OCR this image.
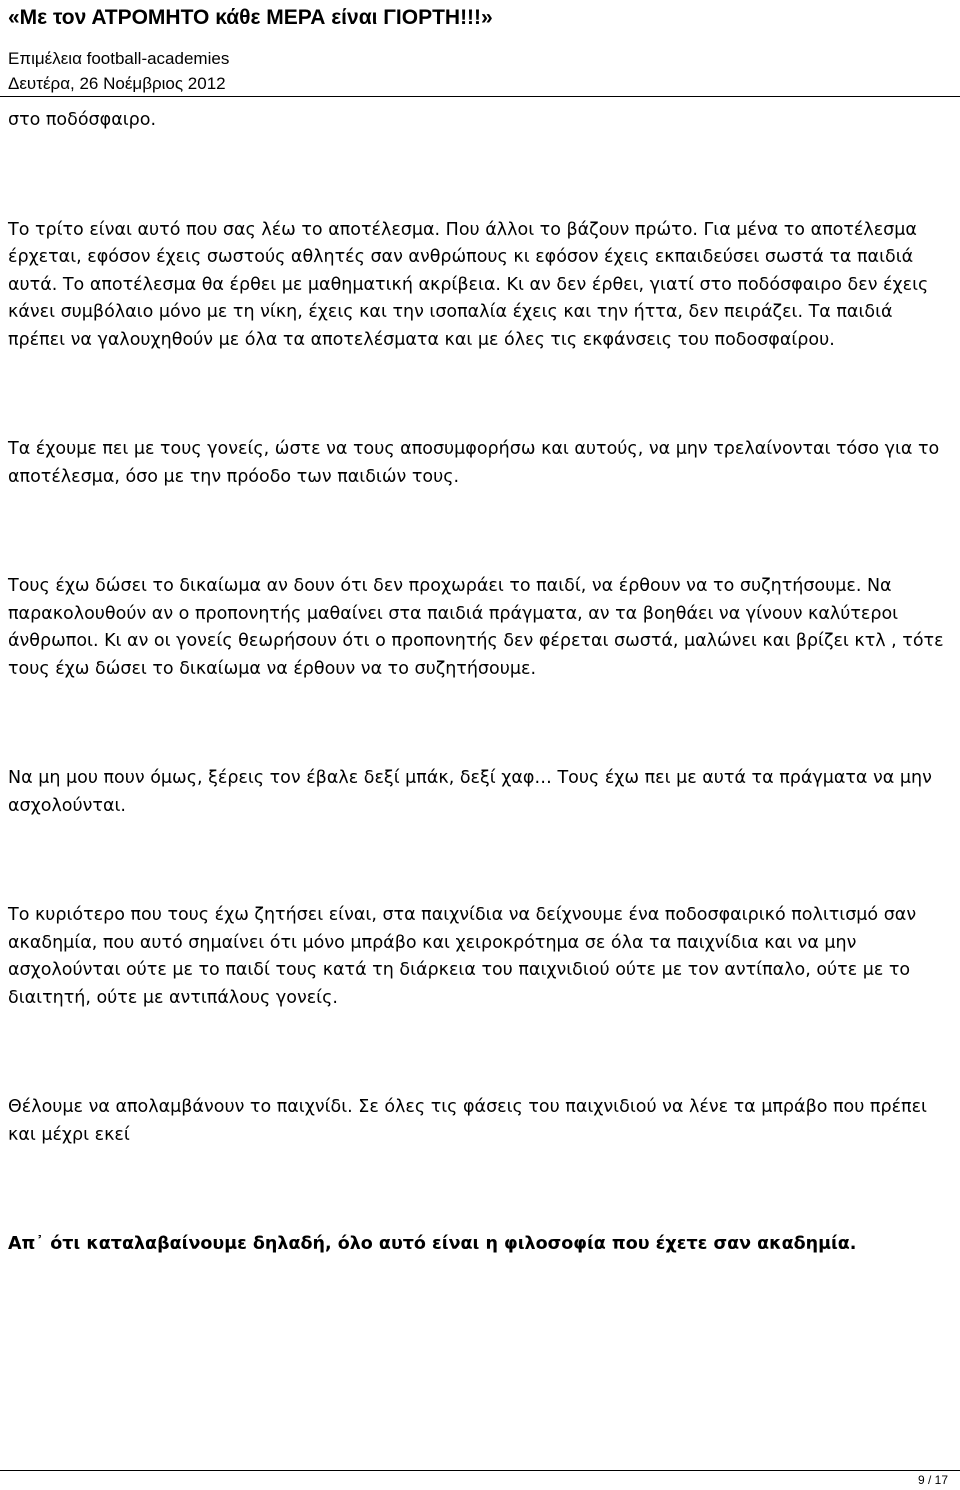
«Με τον ΑΤΡΟΜΗΤΟ κάθε ΜΕΡΑ είναι ΓΙΟΡΤΗ!!!»
Επιμέλεια football-academies
Δευτέρα, 26 Νοέμβριος 2012

στο ποδόσφαιρο.

Το τρίτο είναι αυτό που σας λέω το αποτέλεσμα. Που άλλοι το βάζουν πρώτο. Για μένα το αποτέλεσμα έρχεται, εφόσον έχεις σωστούς αθλητές σαν ανθρώπους κι εφόσον έχεις εκπαιδεύσει σωστά τα παιδιά αυτά. Το αποτέλεσμα θα έρθει με μαθηματική ακρίβεια. Κι αν δεν έρθει, γιατί στο ποδόσφαιρο δεν έχεις κάνει συμβόλαιο μόνο με τη νίκη, έχεις και την ισοπαλία έχεις και την ήττα, δεν πειράζει. Τα παιδιά πρέπει να γαλουχηθούν με όλα τα αποτελέσματα και με όλες τις εκφάνσεις του ποδοσφαίρου.

Τα έχουμε πει με τους γονείς, ώστε να τους αποσυμφορήσω και αυτούς, να μην τρελαίνονται τόσο για το αποτέλεσμα, όσο με την πρόοδο των παιδιών τους.

Τους έχω δώσει το δικαίωμα αν δουν ότι δεν προχωράει το παιδί, να έρθουν να το συζητήσουμε. Να παρακολουθούν αν ο προπονητής μαθαίνει στα παιδιά πράγματα, αν τα βοηθάει να γίνουν καλύτεροι άνθρωποι. Κι αν οι γονείς θεωρήσουν ότι ο προπονητής δεν φέρεται σωστά, μαλώνει και βρίζει κτλ , τότε τους έχω δώσει το δικαίωμα να έρθουν να το συζητήσουμε.

Να μη μου πουν όμως, ξέρεις τον έβαλε δεξί μπάκ, δεξί χαφ… Τους έχω πει με αυτά τα πράγματα να μην ασχολούνται.

Το κυριότερο που τους έχω ζητήσει είναι, στα παιχνίδια να δείχνουμε ένα ποδοσφαιρικό πολιτισμό σαν ακαδημία, που αυτό σημαίνει ότι μόνο μπράβο και χειροκρότημα σε όλα τα παιχνίδια και να μην ασχολούνται ούτε με το παιδί τους κατά τη διάρκεια του παιχνιδιού ούτε με τον αντίπαλο, ούτε με το διαιτητή, ούτε με αντιπάλους γονείς.

Θέλουμε να απολαμβάνουν το παιχνίδι. Σε όλες τις φάσεις του παιχνιδιού να λένε τα μπράβο που πρέπει και μέχρι εκεί

Απ᾽ ότι καταλαβαίνουμε δηλαδή, όλο αυτό είναι η φιλοσοφία που έχετε σαν ακαδημία.

9 / 17
